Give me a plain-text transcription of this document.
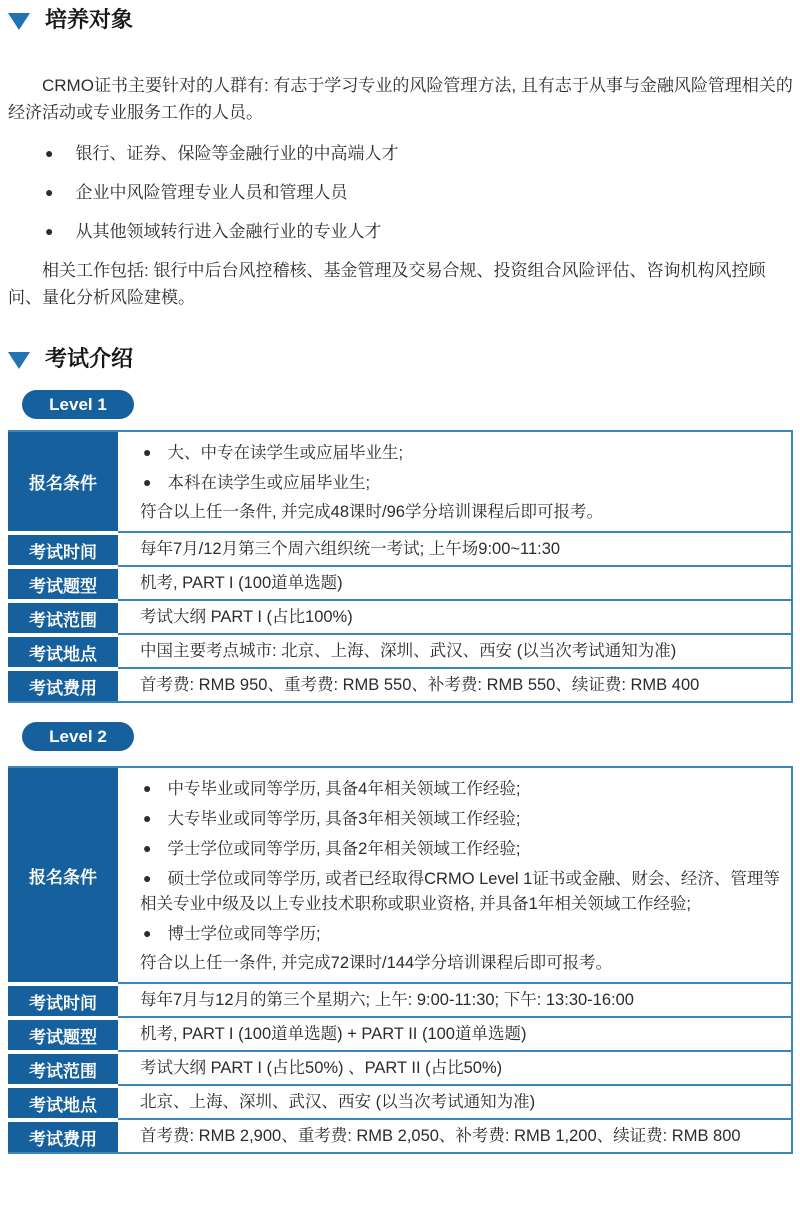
培养对象

CRMO证书主要针对的人群有: 有志于学习专业的风险管理方法, 且有志于从事与金融风险管理相关的经济活动或专业服务工作的人员。

● 银行、证券、保险等金融行业的中高端人才
● 企业中风险管理专业人员和管理人员
● 从其他领域转行进入金融行业的专业人才

相关工作包括: 银行中后台风控稽核、基金管理及交易合规、投资组合风险评估、咨询机构风控顾问、量化分析风险建模。

考试介绍
Level 1
报名条件
● 大、中专在读学生或应届毕业生;
● 本科在读学生或应届毕业生;
符合以上任一条件, 并完成48课时/96学分培训课程后即可报考。
考试时间	每年7月/12月第三个周六组织统一考试; 上午场9:00~11:30
考试题型	机考, PART I (100道单选题)
考试范围	考试大纲 PART I (占比100%)
考试地点	中国主要考点城市: 北京、上海、深圳、武汉、西安 (以当次考试通知为准)
考试费用	首考费: RMB 950、重考费: RMB 550、补考费: RMB 550、续证费: RMB 400
Level 2
报名条件
● 中专毕业或同等学历, 具备4年相关领域工作经验;
● 大专毕业或同等学历, 具备3年相关领域工作经验;
● 学士学位或同等学历, 具备2年相关领域工作经验;
● 硕士学位或同等学历, 或者已经取得CRMO Level 1证书或金融、财会、经济、管理等相关专业中级及以上专业技术职称或职业资格, 并具备1年相关领域工作经验;
● 博士学位或同等学历;
符合以上任一条件, 并完成72课时/144学分培训课程后即可报考。
考试时间	每年7月与12月的第三个星期六; 上午: 9:00-11:30; 下午: 13:30-16:00
考试题型	机考, PART I (100道单选题) + PART II (100道单选题)
考试范围	考试大纲 PART I (占比50%) 、PART II (占比50%)
考试地点	北京、上海、深圳、武汉、西安 (以当次考试通知为准)
考试费用	首考费: RMB 2,900、重考费: RMB 2,050、补考费: RMB 1,200、续证费: RMB 800
